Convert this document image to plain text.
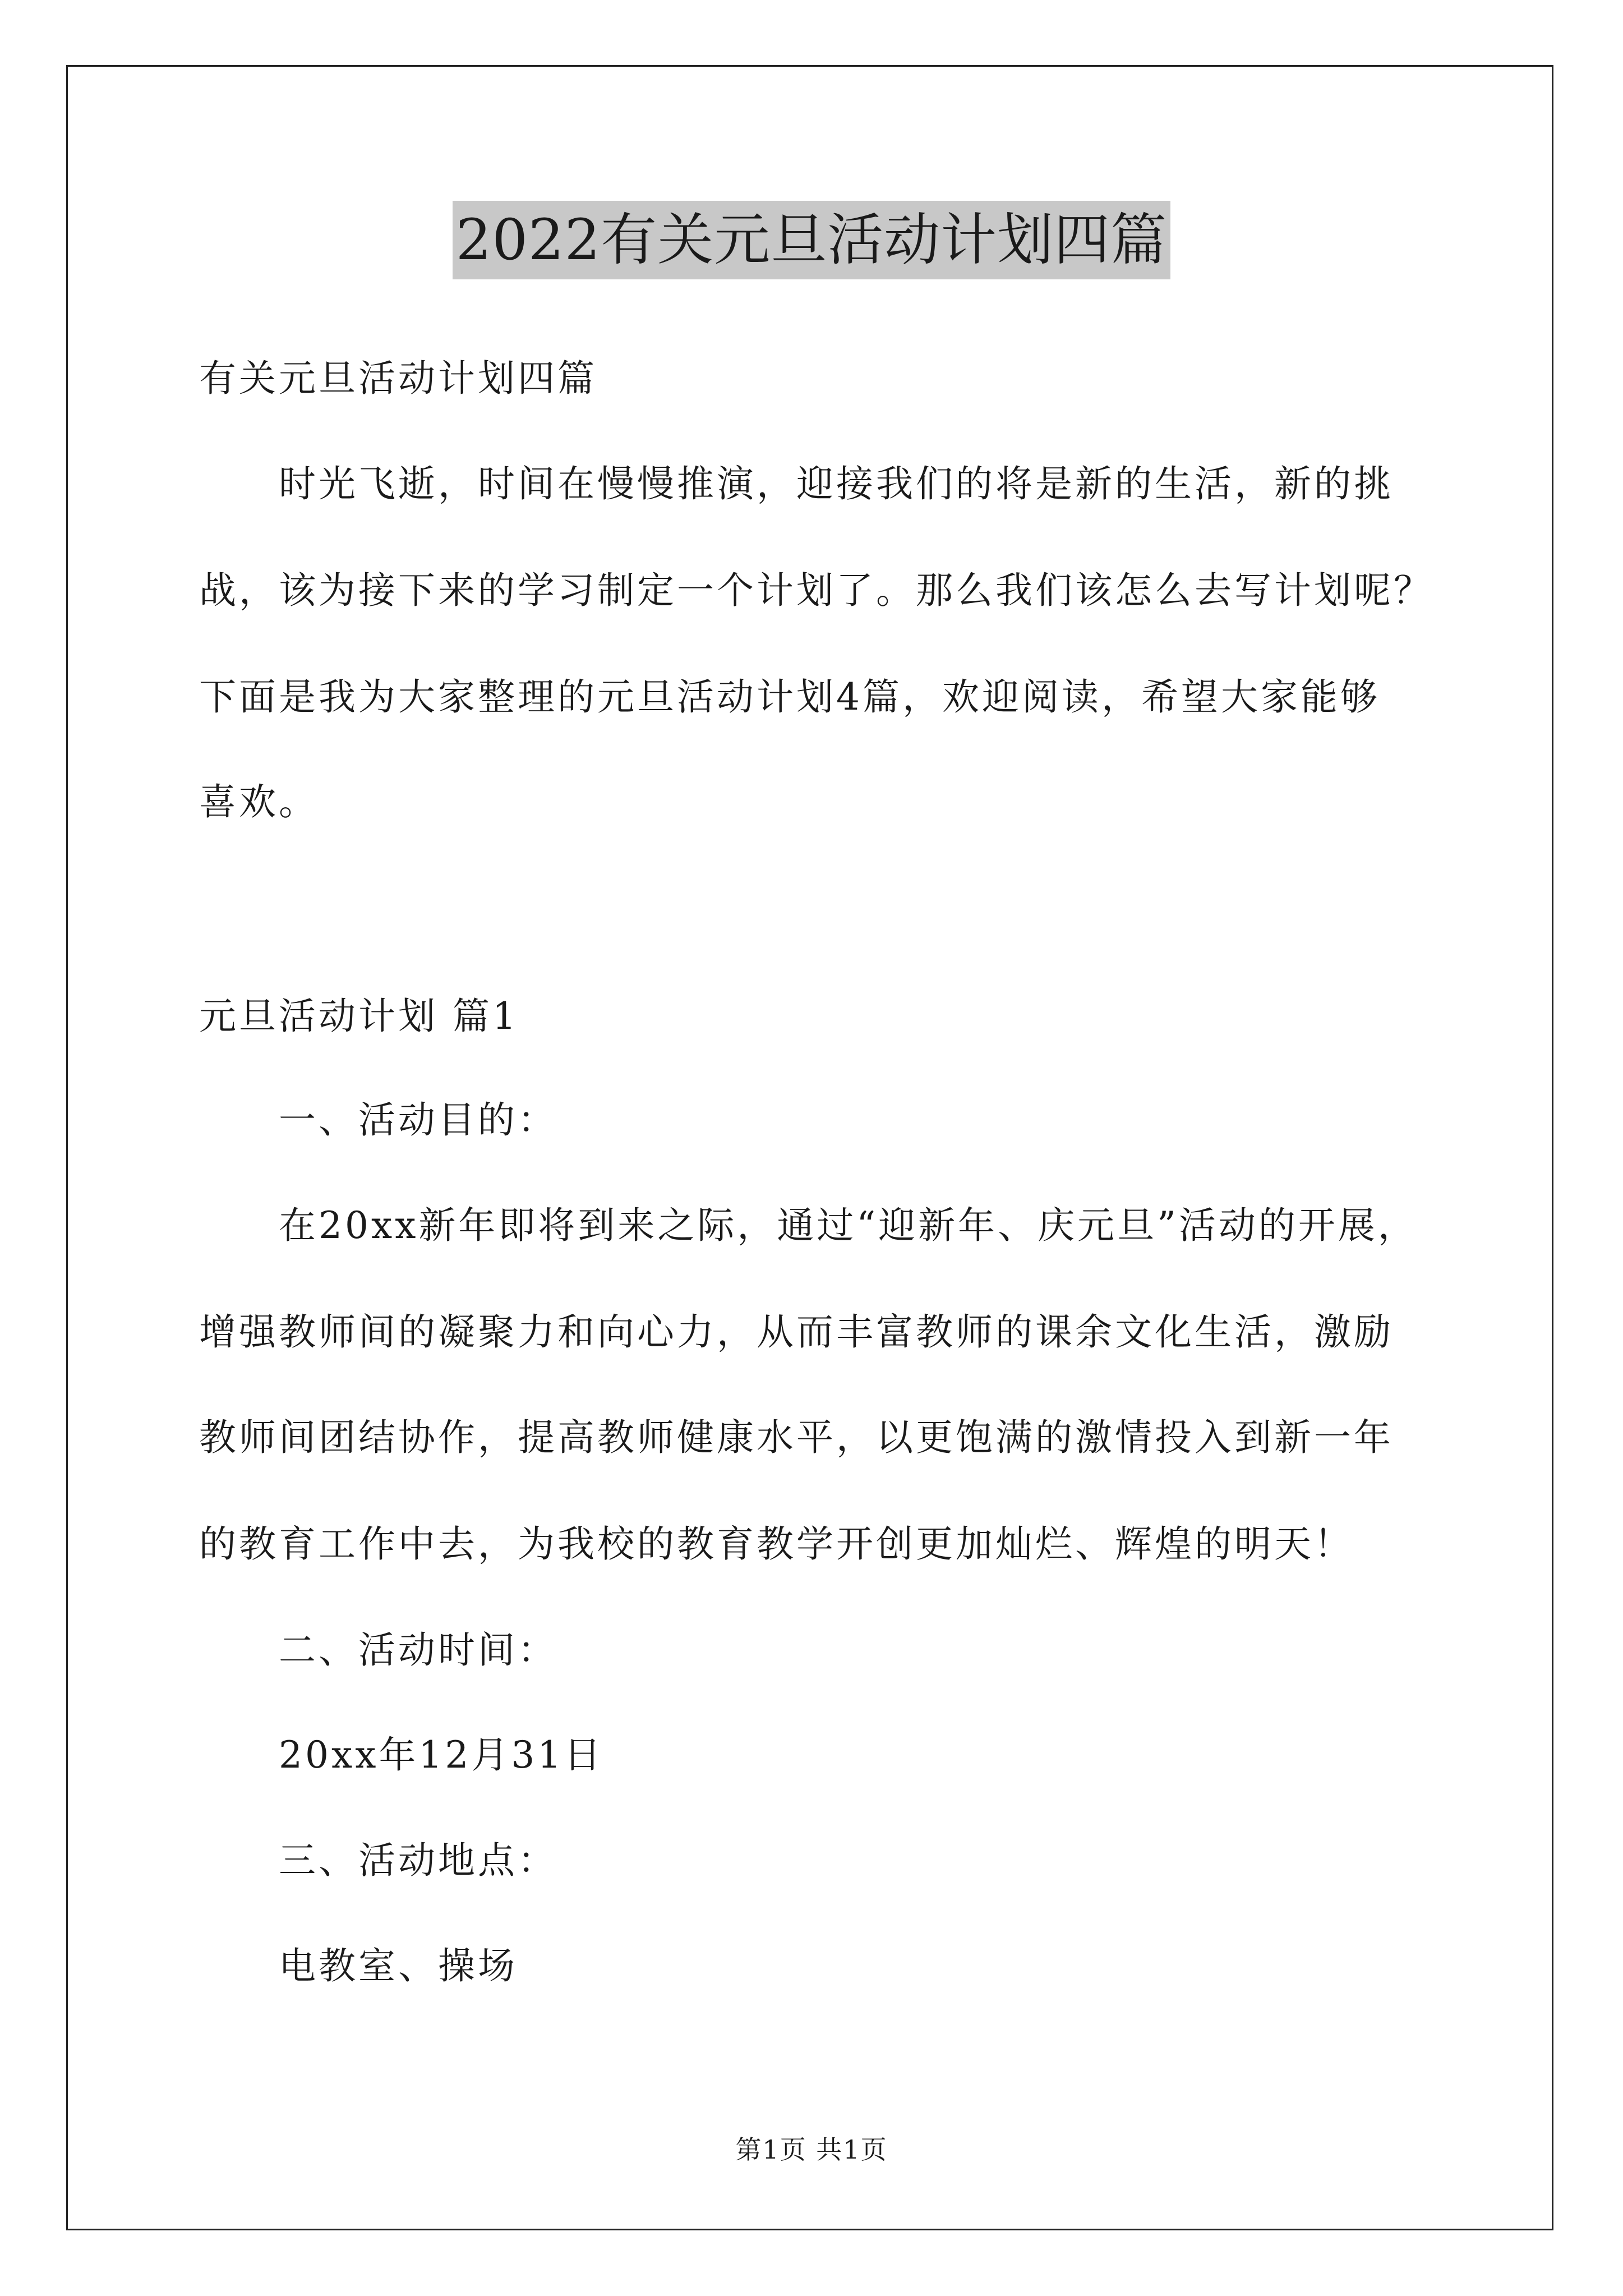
2022有关元旦活动计划四篇
有关元旦活动计划四篇
时光飞逝，时间在慢慢推演，迎接我们的将是新的生活，新的挑
战，该为接下来的学习制定一个计划了。那么我们该怎么去写计划呢？
下面是我为大家整理的元旦活动计划4篇，欢迎阅读，希望大家能够
喜欢。
元旦活动计划 篇1
一、活动目的：
在20xx新年即将到来之际，通过“迎新年、庆元旦”活动的开展，
增强教师间的凝聚力和向心力，从而丰富教师的课余文化生活，激励
教师间团结协作，提高教师健康水平，以更饱满的激情投入到新一年
的教育工作中去，为我校的教育教学开创更加灿烂、辉煌的明天！
二、活动时间：
20xx年12月31日
三、活动地点：
电教室、操场
第1页 共1页
